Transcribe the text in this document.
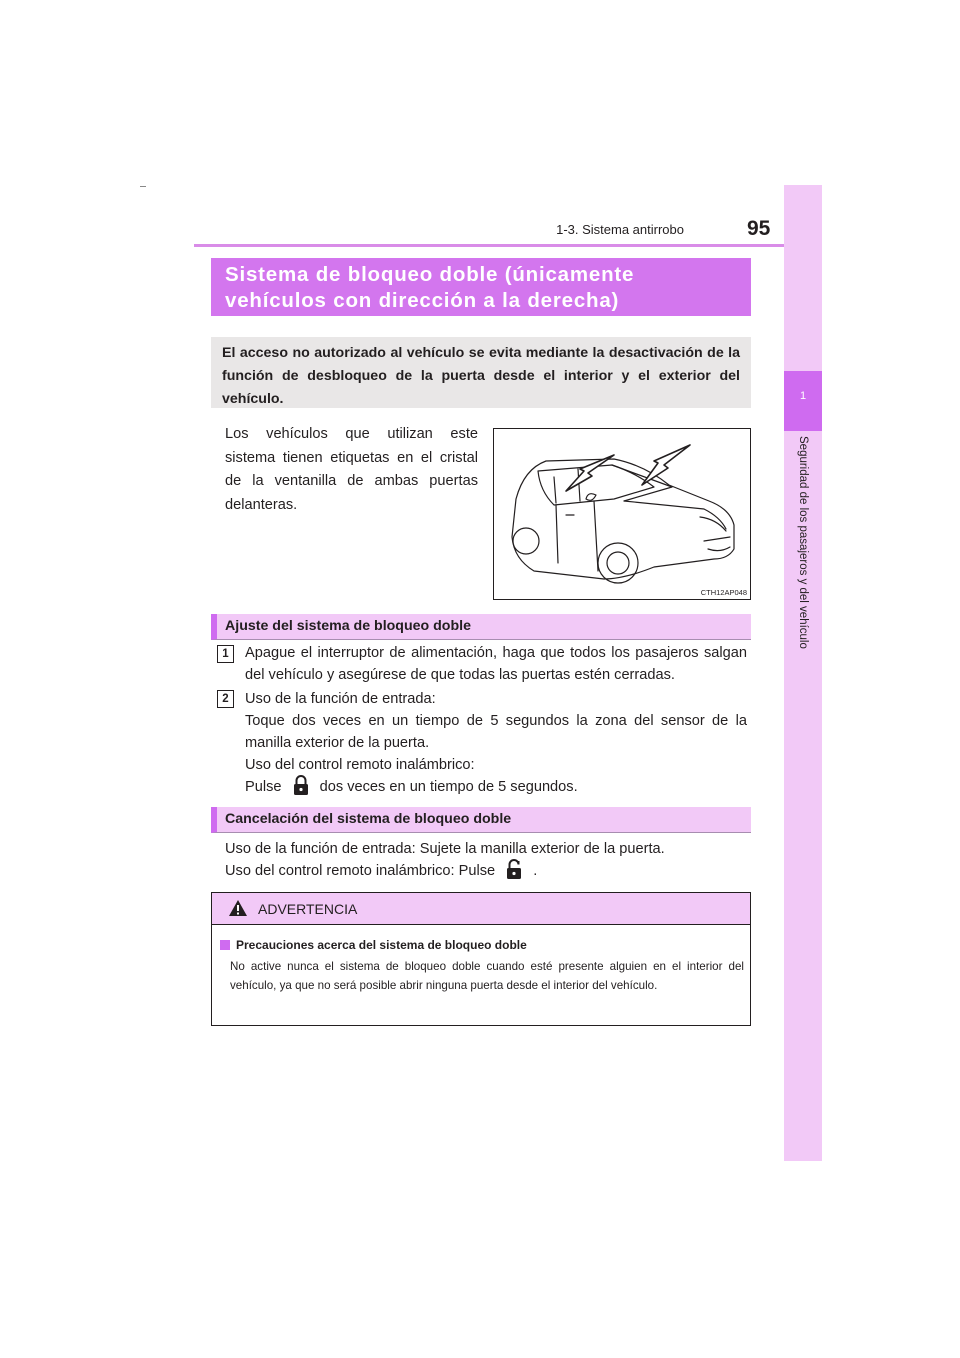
1-3. Sistema antirrobo	95
1
Seguridad de los pasajeros y del vehículo
Sistema de bloqueo doble (únicamente
vehículos con dirección a la derecha)
El acceso no autorizado al vehículo se evita mediante la desactivación de la función de desbloqueo de la puerta desde el interior y el exterior del vehículo.
Los vehículos que utilizan este sistema tienen etiquetas en el cristal de la ventanilla de ambas puertas delanteras.
CTH12AP048
Ajuste del sistema de bloqueo doble
1	Apague el interruptor de alimentación, haga que todos los pasajeros salgan del vehículo y asegúrese de que todas las puertas estén cerradas.
2	Uso de la función de entrada:
Toque dos veces en un tiempo de 5 segundos la zona del sensor de la manilla exterior de la puerta.
Uso del control remoto inalámbrico:
Pulse	dos veces en un tiempo de 5 segundos.
Cancelación del sistema de bloqueo doble
Uso de la función de entrada: Sujete la manilla exterior de la puerta.
Uso del control remoto inalámbrico: Pulse	.
ADVERTENCIA
Precauciones acerca del sistema de bloqueo doble
No active nunca el sistema de bloqueo doble cuando esté presente alguien en el interior del vehículo, ya que no será posible abrir ninguna puerta desde el interior del vehículo.
